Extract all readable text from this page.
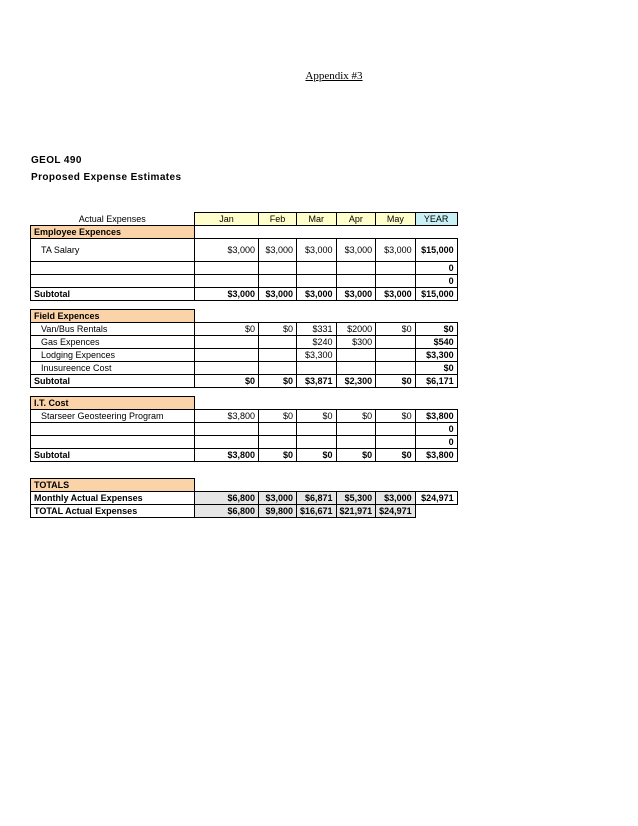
Appendix #3
GEOL 490
Proposed Expense Estimates
Actual Expenses	Jan	Feb	Mar	Apr	May	YEAR
Employee Expences						
TA Salary	$3,000	$3,000	$3,000	$3,000	$3,000	$15,000
						0
						0
Subtotal	$3,000	$3,000	$3,000	$3,000	$3,000	$15,000

Field Expences						
Van/Bus Rentals	$0	$0	$331	$2000	$0	$0
Gas Expences			$240	$300		$540
Lodging Expences			$3,300			$3,300
Inusureence Cost						$0
Subtotal	$0	$0	$3,871	$2,300	$0	$6,171

I.T. Cost						
Starseer Geosteering Program	$3,800	$0	$0	$0	$0	$3,800
						0
						0
Subtotal	$3,800	$0	$0	$0	$0	$3,800

TOTALS						
Monthly Actual Expenses	$6,800	$3,000	$6,871	$5,300	$3,000	$24,971
TOTAL Actual Expenses	$6,800	$9,800	$16,671	$21,971	$24,971	
